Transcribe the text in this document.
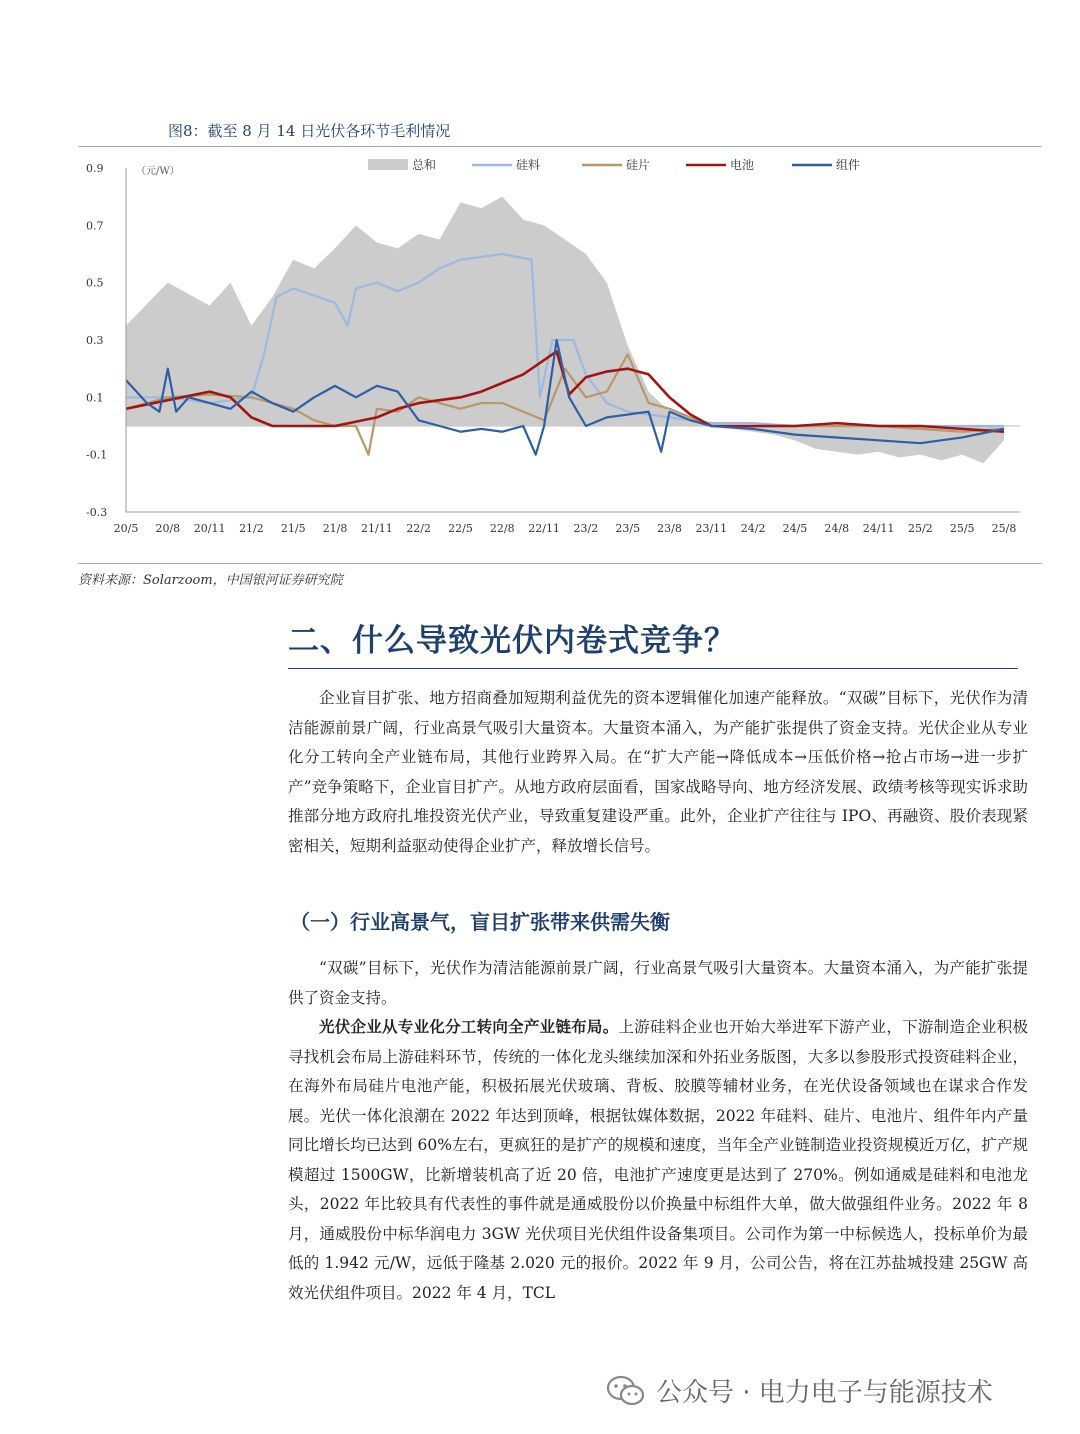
图8：截至 8 月 14 日光伏各环节毛利情况
0.9
0.7
0.5
0.3
0.1
-0.1
-0.3
20/5 20/8 20/11 21/2 21/5 21/8 21/11 22/2 22/5 22/8 22/11 23/2 23/5 23/8 23/11 24/2 24/5 24/8 24/11 25/2 25/5 25/8
（元/W）	总和	硅料	硅片	电池	组件
资料来源：Solarzoom，中国银河证券研究院
二、什么导致光伏内卷式竞争？

企业盲目扩张、地方招商叠加短期利益优先的资本逻辑催化加速产能释放。“双碳”目标下，光伏作为清洁能源前景广阔，行业高景气吸引大量资本。大量资本涌入，为产能扩张提供了资金支持。光伏企业从专业化分工转向全产业链布局，其他行业跨界入局。在“扩大产能→降低成本→压低价格→抢占市场→进一步扩产”竞争策略下，企业盲目扩产。从地方政府层面看，国家战略导向、地方经济发展、政绩考核等现实诉求助推部分地方政府扎堆投资光伏产业，导致重复建设严重。此外，企业扩产往往与 IPO、再融资、股价表现紧密相关，短期利益驱动使得企业扩产，释放增长信号。

（一）行业高景气，盲目扩张带来供需失衡

“双碳”目标下，光伏作为清洁能源前景广阔，行业高景气吸引大量资本。大量资本涌入，为产能扩张提供了资金支持。

光伏企业从专业化分工转向全产业链布局。上游硅料企业也开始大举进军下游产业，下游制造企业积极寻找机会布局上游硅料环节，传统的一体化龙头继续加深和外拓业务版图，大多以参股形式投资硅料企业，在海外布局硅片电池产能，积极拓展光伏玻璃、背板、胶膜等辅材业务，在光伏设备领域也在谋求合作发展。光伏一体化浪潮在 2022 年达到顶峰，根据钛媒体数据，2022 年硅料、硅片、电池片、组件年内产量同比增长均已达到 60%左右，更疯狂的是扩产的规模和速度，当年全产业链制造业投资规模近万亿，扩产规模超过 1500GW，比新增装机高了近 20 倍，电池扩产速度更是达到了 270%。例如通威是硅料和电池龙头，2022 年比较具有代表性的事件就是通威股份以价换量中标组件大单，做大做强组件业务。2022 年 8 月，通威股份中标华润电力 3GW 光伏项目光伏组件设备集项目。公司作为第一中标候选人，投标单价为最低的 1.942 元/W，远低于隆基 2.020 元的报价。2022 年 9 月，公司公告，将在江苏盐城投建 25GW 高效光伏组件项目。2022 年 4 月，TCL

公众号 · 电力电子与能源技术
